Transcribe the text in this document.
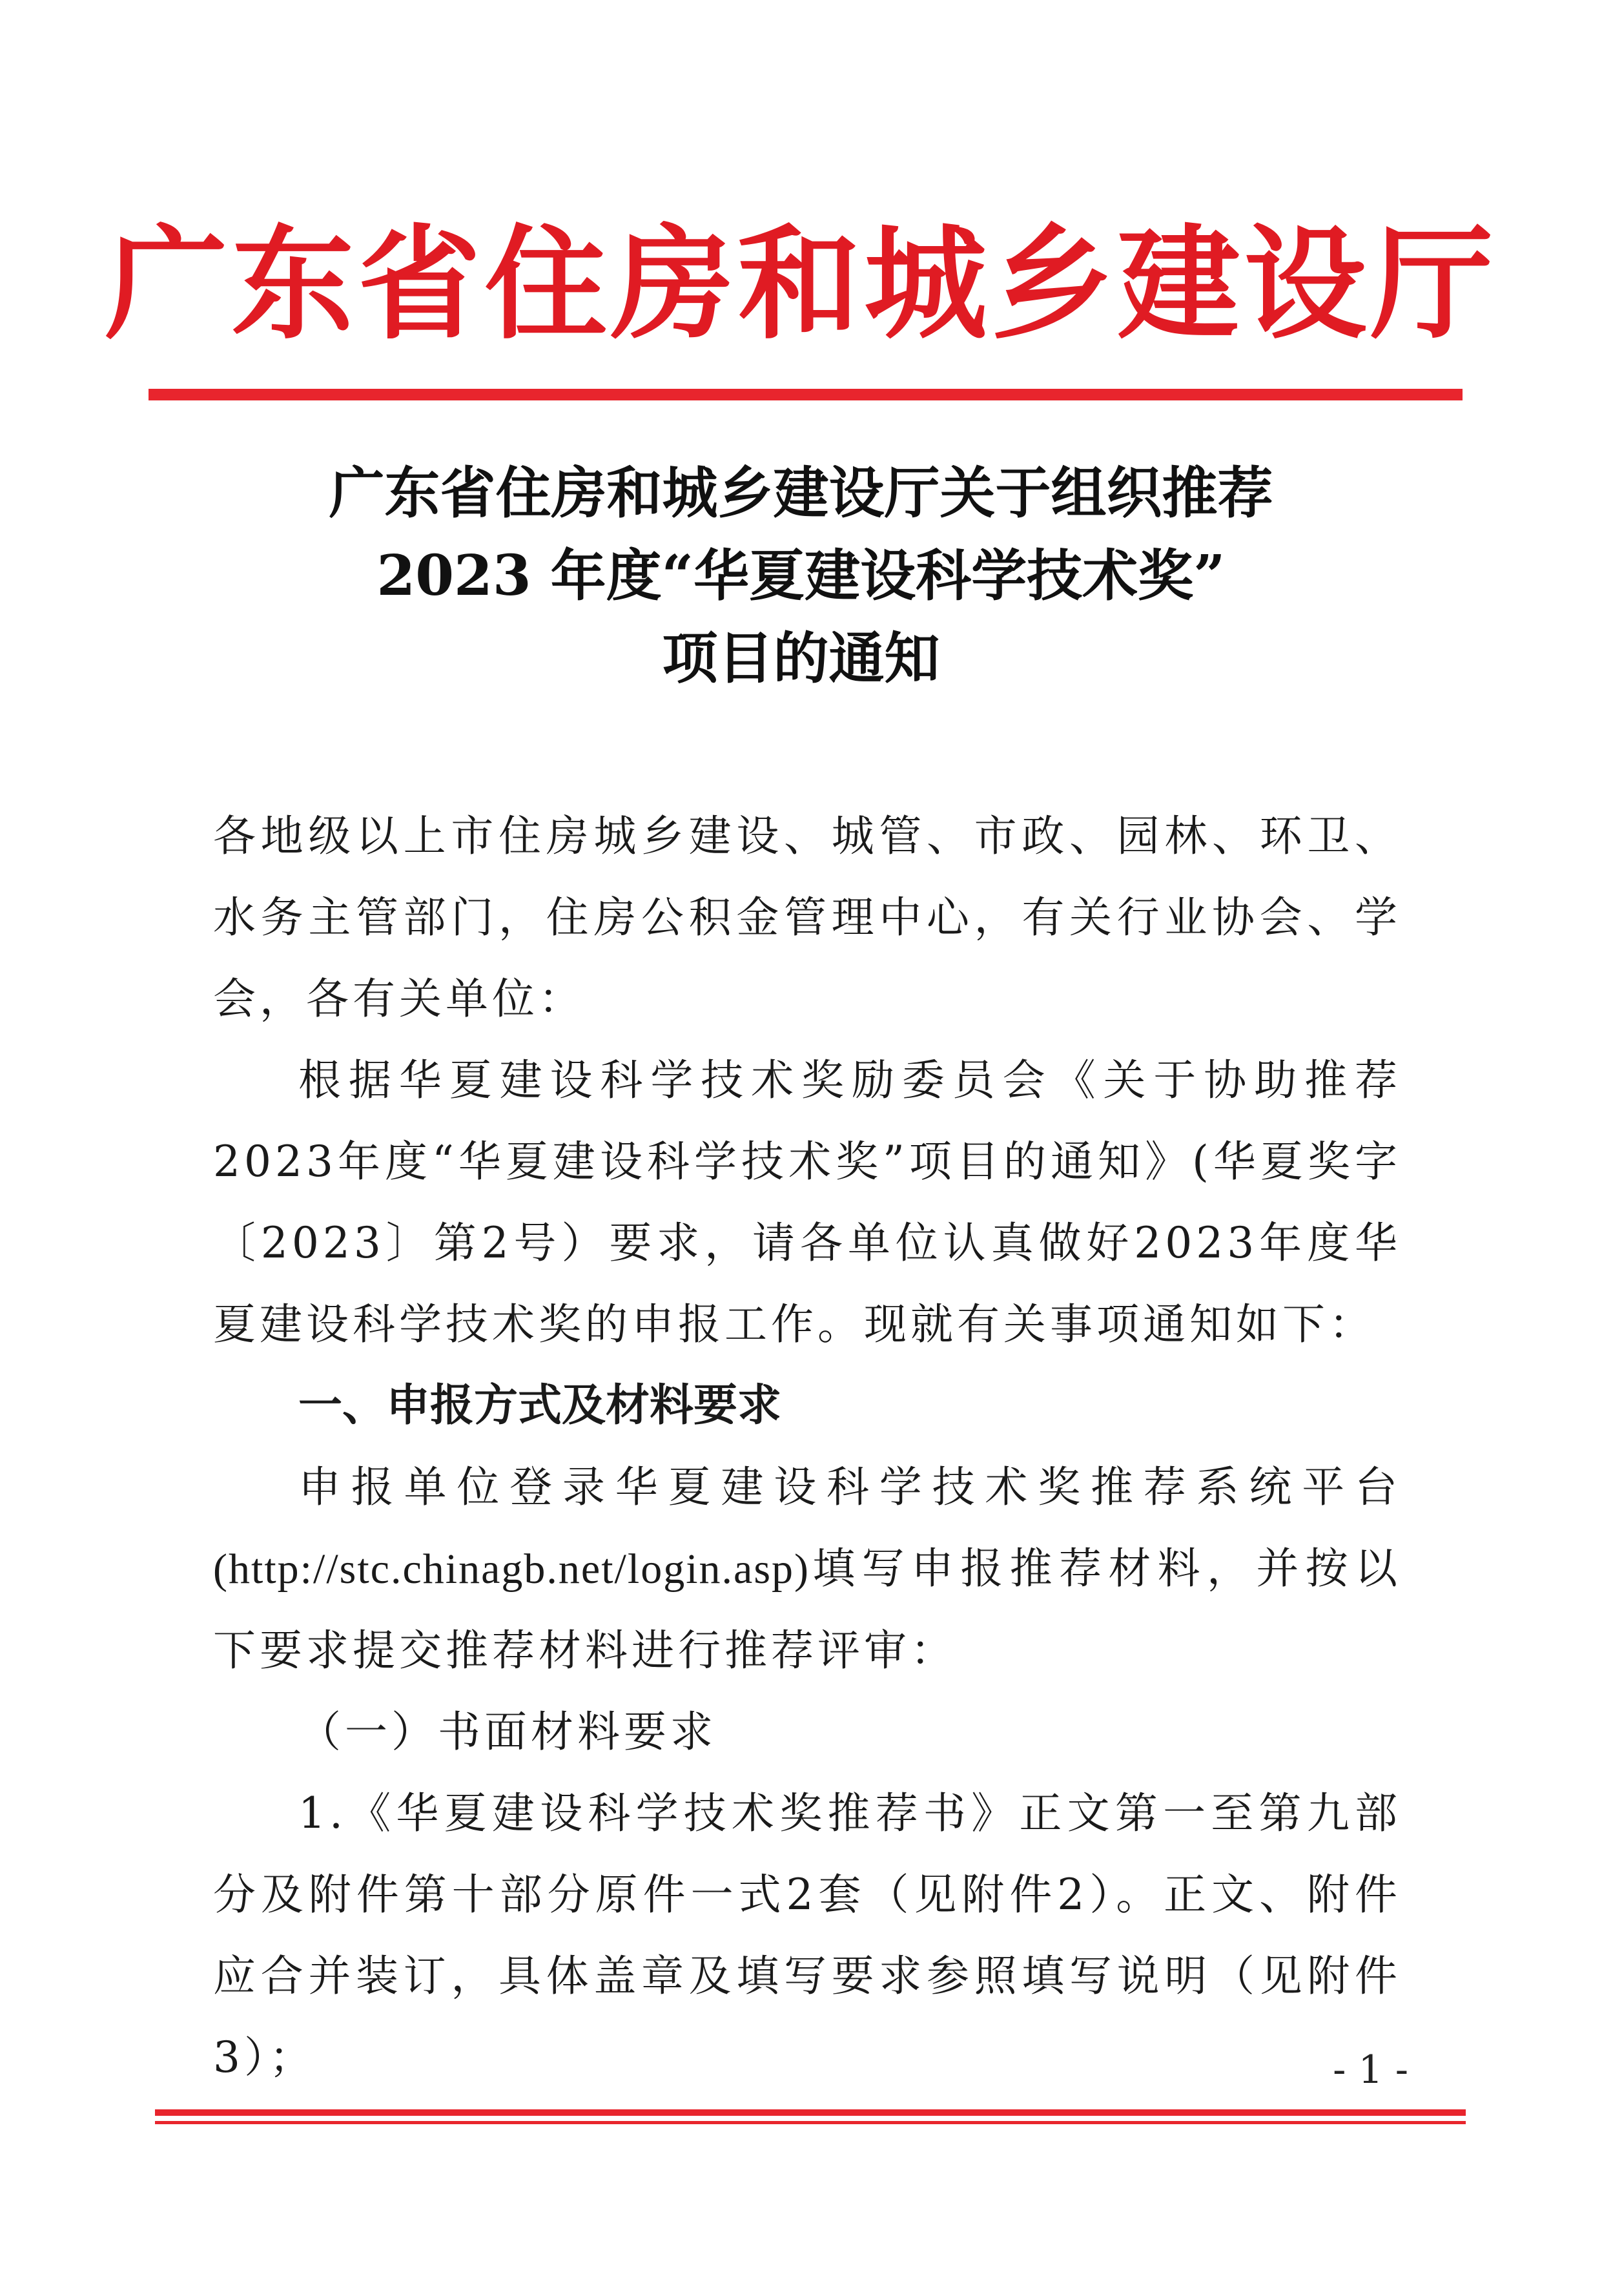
广东省住房和城乡建设厅
广东省住房和城乡建设厅关于组织推荐
2023 年度“华夏建设科学技术奖”
项目的通知

各地级以上市住房城乡建设、城管、市政、园林、环卫、水务主管部门，住房公积金管理中心，有关行业协会、学会，各有关单位：

根据华夏建设科学技术奖励委员会《关于协助推荐2023年度“华夏建设科学技术奖”项目的通知》(华夏奖字〔2023〕第2号）要求，请各单位认真做好2023年度华夏建设科学技术奖的申报工作。现就有关事项通知如下：

一、申报方式及材料要求

申报单位登录华夏建设科学技术奖推荐系统平台(http://stc.chinagb.net/login.asp)填写申报推荐材料，并按以下要求提交推荐材料进行推荐评审：

（一）书面材料要求

1.《华夏建设科学技术奖推荐书》正文第一至第九部分及附件第十部分原件一式2套（见附件2）。正文、附件应合并装订，具体盖章及填写要求参照填写说明（见附件3）；	- 1 -
